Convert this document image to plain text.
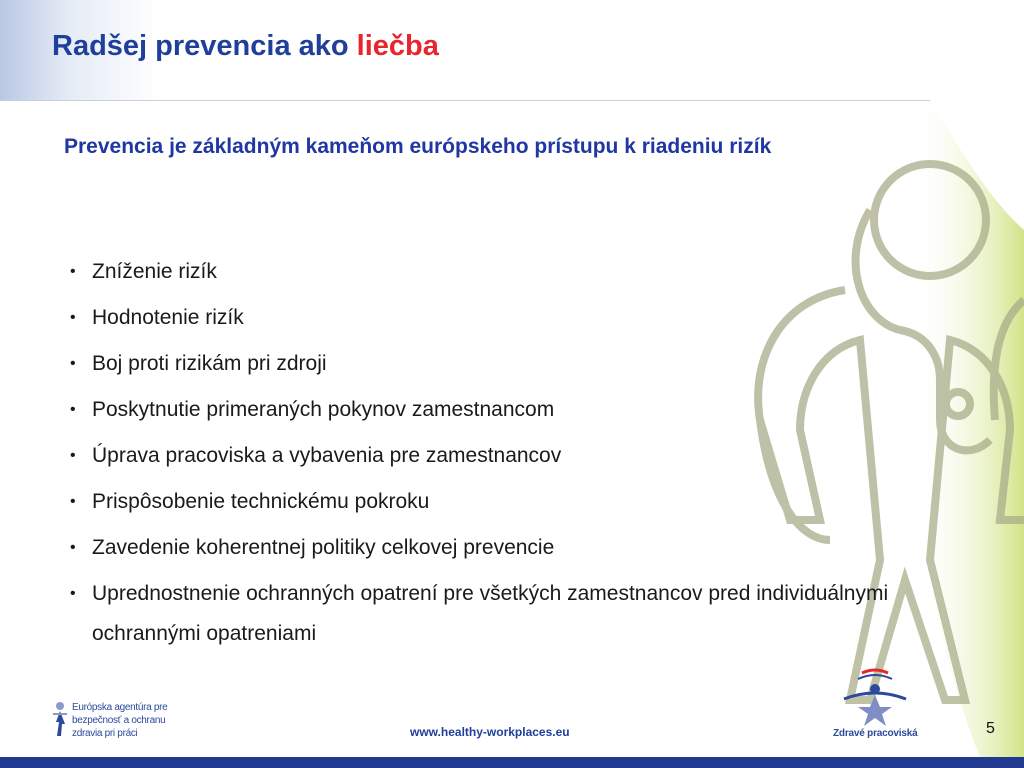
Radšej prevencia ako liečba

Prevencia je základným kameňom európskeho prístupu k riadeniu rizík

• Zníženie rizík
• Hodnotenie rizík
• Boj proti rizikám pri zdroji
• Poskytnutie primeraných pokynov zamestnancom
• Úprava pracoviska a vybavenia pre zamestnancov
• Prispôsobenie technickému pokroku
• Zavedenie koherentnej politiky celkovej prevencie
• Uprednostnenie ochranných opatrení pre všetkých zamestnancov pred individuálnymi ochrannými opatreniami
Európska agentúra pre
bezpečnosť a ochranu
zdravia pri práci	www.healthy-workplaces.eu	Zdravé pracoviská	5
